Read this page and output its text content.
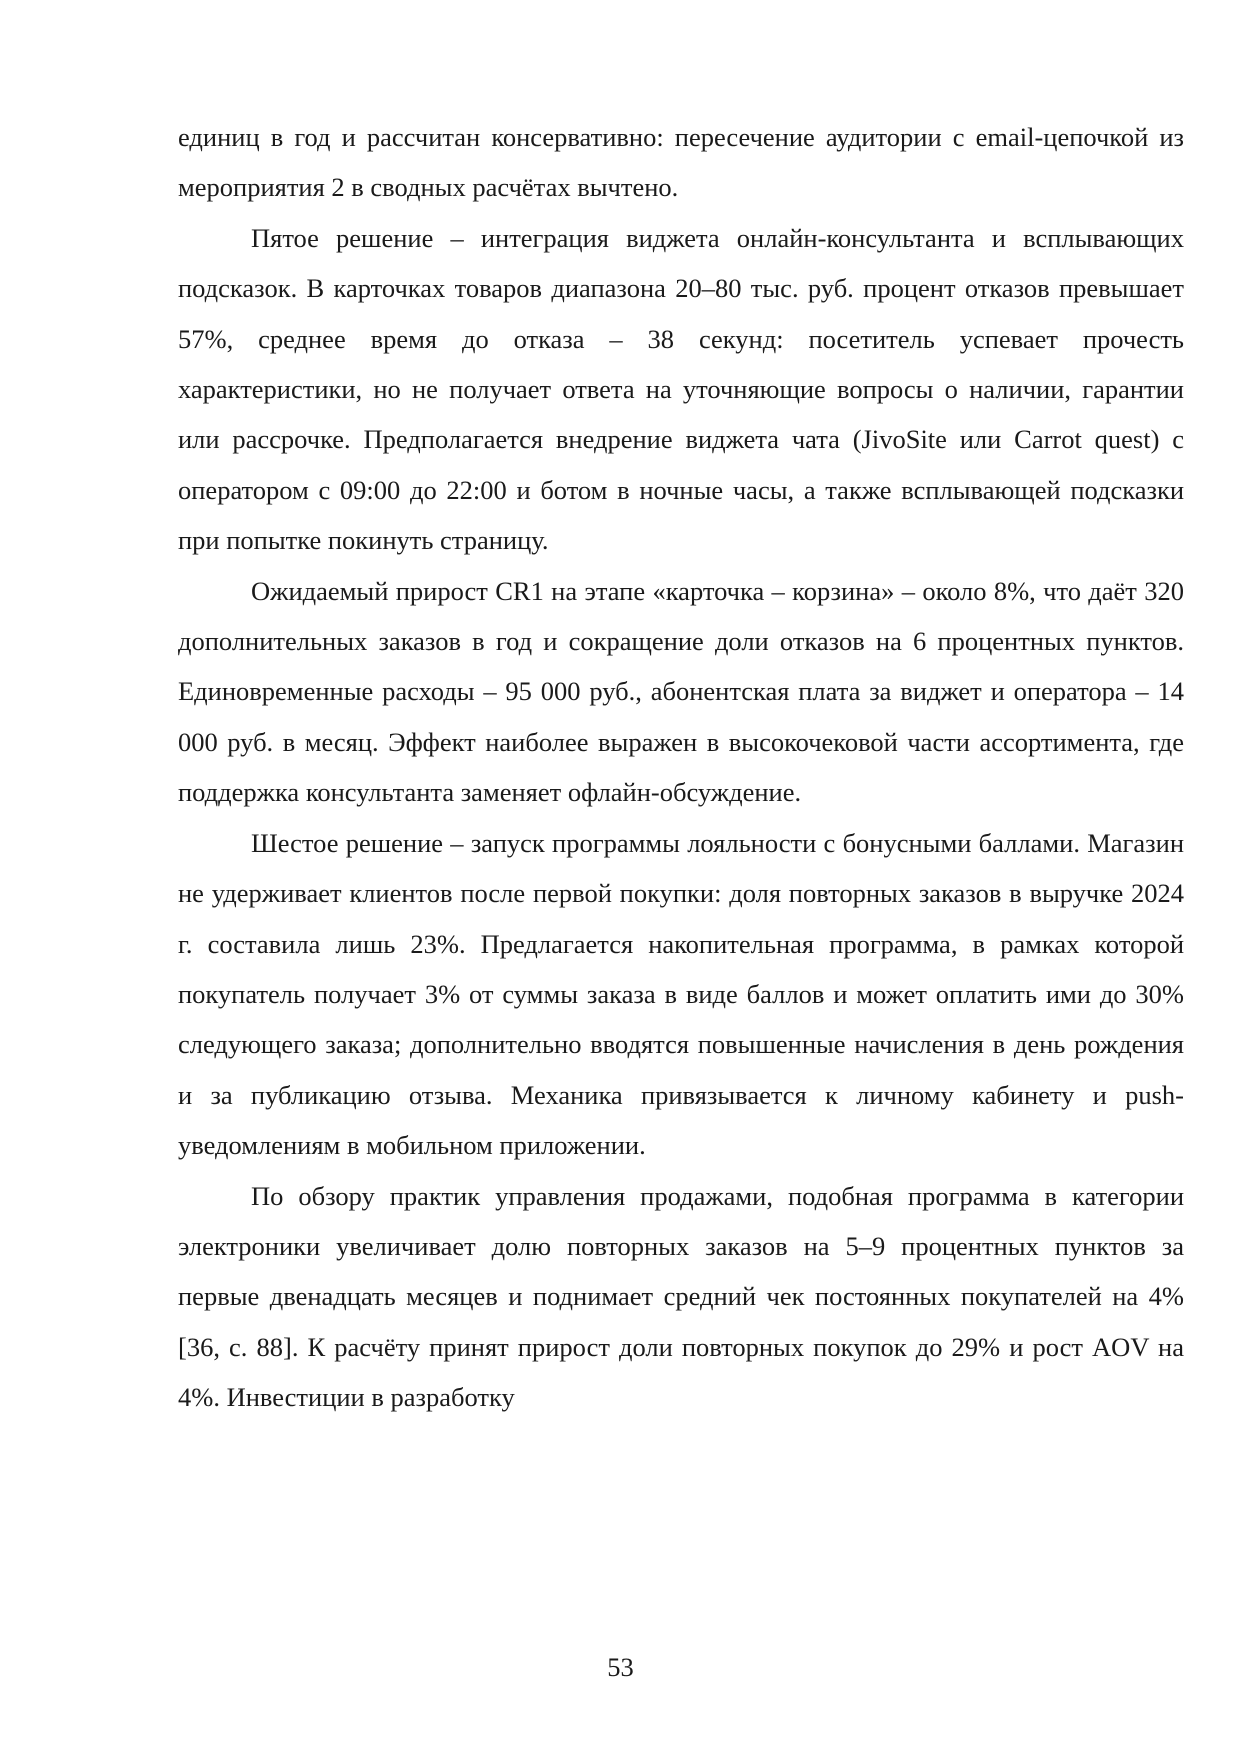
единиц в год и рассчитан консервативно: пересечение аудитории с email-цепочкой из мероприятия 2 в сводных расчётах вычтено.

Пятое решение – интеграция виджета онлайн-консультанта и всплывающих подсказок. В карточках товаров диапазона 20–80 тыс. руб. процент отказов превышает 57%, среднее время до отказа – 38 секунд: посетитель успевает прочесть характеристики, но не получает ответа на уточняющие вопросы о наличии, гарантии или рассрочке. Предполагается внедрение виджета чата (JivoSite или Carrot quest) с оператором с 09:00 до 22:00 и ботом в ночные часы, а также всплывающей подсказки при попытке покинуть страницу.

Ожидаемый прирост CR1 на этапе «карточка – корзина» – около 8%, что даёт 320 дополнительных заказов в год и сокращение доли отказов на 6 процентных пунктов. Единовременные расходы – 95 000 руб., абонентская плата за виджет и оператора – 14 000 руб. в месяц. Эффект наиболее выражен в высокочековой части ассортимента, где поддержка консультанта заменяет офлайн-обсуждение.

Шестое решение – запуск программы лояльности с бонусными баллами. Магазин не удерживает клиентов после первой покупки: доля повторных заказов в выручке 2024 г. составила лишь 23%. Предлагается накопительная программа, в рамках которой покупатель получает 3% от суммы заказа в виде баллов и может оплатить ими до 30% следующего заказа; дополнительно вводятся повышенные начисления в день рождения и за публикацию отзыва. Механика привязывается к личному кабинету и push-уведомлениям в мобильном приложении.

По обзору практик управления продажами, подобная программа в категории электроники увеличивает долю повторных заказов на 5–9 процентных пунктов за первые двенадцать месяцев и поднимает средний чек постоянных покупателей на 4% [36, с. 88]. К расчёту принят прирост доли повторных покупок до 29% и рост AOV на 4%. Инвестиции в разработку

53
